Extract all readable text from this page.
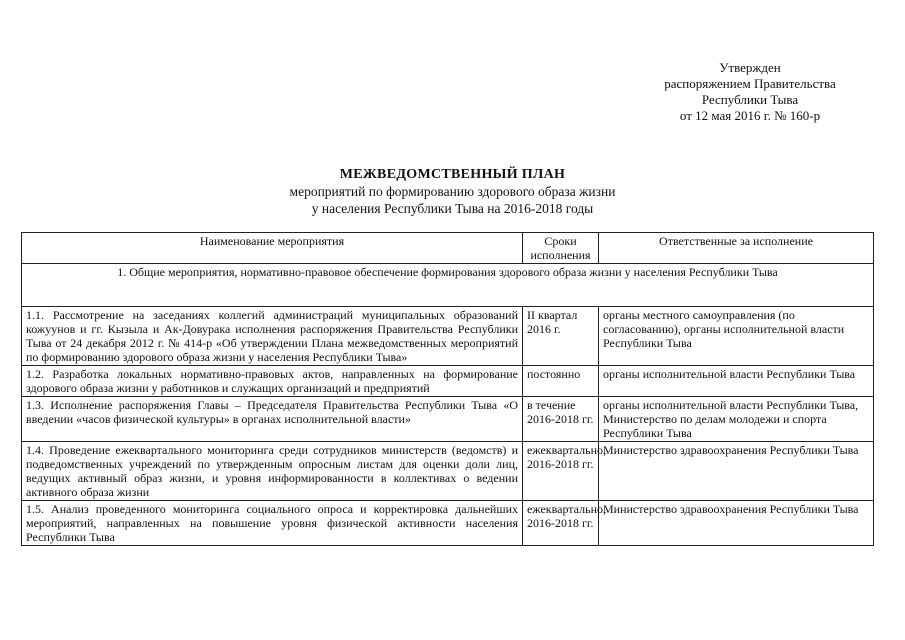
Утвержден
распоряжением Правительства
Республики Тыва
от 12 мая 2016 г. № 160-р
МЕЖВЕДОМСТВЕННЫЙ ПЛАН
мероприятий по формированию здорового образа жизни
у населения Республики Тыва на 2016-2018 годы
Наименование мероприятия	Сроки исполнения	Ответственные за исполнение
1. Общие мероприятия, нормативно-правовое обеспечение формирования здорового образа жизни у населения Республики Тыва		
1.1. Рассмотрение на заседаниях коллегий администраций муниципальных образований кожуунов и гг. Кызыла и Ак-Довурака исполнения распоряжения Правительства Республики Тыва от 24 декабря 2012 г. № 414-р «Об утверждении Плана межведомственных мероприятий по формированию здорового образа жизни у населения Республики Тыва»	II квартал 2016 г.	органы местного самоуправления (по согласованию), органы исполнительной власти Республики Тыва
1.2. Разработка локальных нормативно-правовых актов, направленных на формирование здорового образа жизни у работников и служащих организаций и предприятий	постоянно	органы исполнительной власти Республики Тыва
1.3. Исполнение распоряжения Главы – Председателя Правительства Республики Тыва «О введении «часов физической культуры» в органах исполнительной власти»	в течение 2016-2018 гг.	органы исполнительной власти Республики Тыва, Министерство по делам молодежи и спорта Республики Тыва
1.4. Проведение ежеквартального мониторинга среди сотрудников министерств (ведомств) и подведомственных учреждений по утвержденным опросным листам для оценки доли лиц, ведущих активный образ жизни, и уровня информированности в коллективах о ведении активного образа жизни	ежеквартально, 2016-2018 гг.	Министерство здравоохранения Республики Тыва
1.5. Анализ проведенного мониторинга социального опроса и корректировка дальнейших мероприятий, направленных на повышение уровня физической активности населения Республики Тыва	ежеквартально, 2016-2018 гг.	Министерство здравоохранения Республики Тыва
